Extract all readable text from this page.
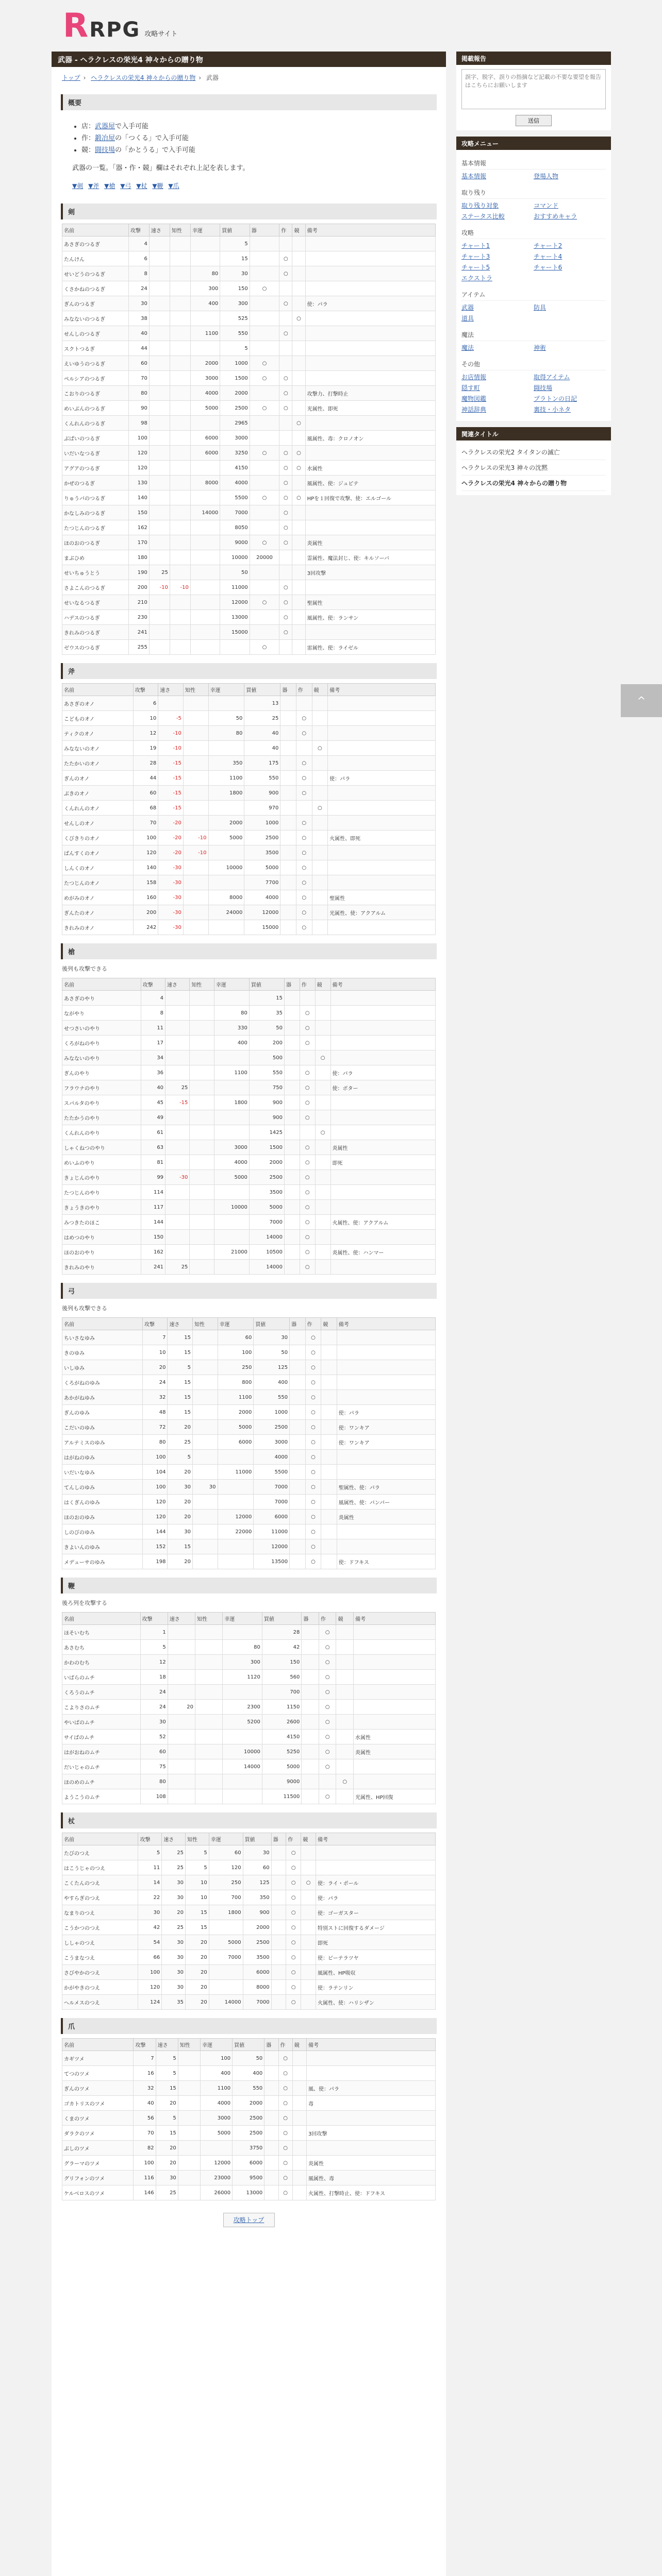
R RPG 攻略サイト
武器 - ヘラクレスの栄光4 神々からの贈り物
トップ › ヘラクレスの栄光4 神々からの贈り物 › 武器
概要
• 店：武器屋で入手可能
• 作：鍛冶屋の「つくる」で入手可能
• 競：闘技場の「かとうる」で入手可能
武器の一覧。「器・作・競」欄はそれぞれ上記を表します。
▼剣 ▼斧 ▼槍 ▼弓 ▼杖 ▼鞭 ▼爪
剣
名前	攻撃	速さ	知性	幸運	買値	器	作	競	備考
あさぎのつるぎ	4				5				
たんけん	6				15		○		
せいどうのつるぎ	8			80	30		○		
くさかねのつるぎ	24			300	150	○			
ぎんのつるぎ	30			400	300		○		使：パラ
みなないのつるぎ	38				525			○	
せんしのつるぎ	40			1100	550		○		
スクトつるぎ	44				5				
えいゆうのつるぎ	60			2000	1000	○			
ペルシアのつるぎ	70			3000	1500	○	○		
こおりのつるぎ	80			4000	2000		○		攻撃力、打撃時止
めいぶんのつるぎ	90			5000	2500	○	○		光属性、即死
くんれんのつるぎ	98				2965			○	
ぶぱいのつるぎ	100			6000	3000				風属性、毒：クロノオン
いだいなつるぎ	120			6000	3250	○	○	○	
アグアのつるぎ	120				4150		○	○	水属性
かぜのつるぎ	130			8000	4000		○		風属性、使：ジュピテ
りゅうパのつるぎ	140				5500	○	○	○	HPを１回復で攻撃、使：エルゴール
かなしみのつるぎ	150			14000	7000		○		
たつじんのつるぎ	162				8050		○		
ほのおのつるぎ	170				9000	○	○		炎属性
まぶひめ	180				10000	20000			霊属性、魔法封じ、使：キルソーバ
せいちゅうとう	190	25			50				3回攻撃
さよこんのつるぎ	200	-10	-10		11000		○		
せいなるつるぎ	210				12000	○	○		聖属性
ハデスのつるぎ	230				13000		○		風属性、使：ランサン
きれみのつるぎ	241				15000		○		
ゼウスのつるぎ	255					○			雷属性、使：ライゼル
斧
名前	攻撃	速さ	知性	幸運	買値	器	作	競	備考
あさぎのオノ	6				13				
こどものオノ	10	-5		50	25		○		
ティクのオノ	12	-10		80	40		○		
みなないのオノ	19	-10			40			○	
たたかいのオノ	28	-15		350	175		○		
ぎんのオノ	44	-15		1100	550		○		使：パラ
ぶきのオノ	60	-15		1800	900		○		
くんれんのオノ	68	-15			970			○	
せんしのオノ	70	-20		2000	1000		○		
くびきりのオノ	100	-20	-10	5000	2500		○		火属性、即死
ばんすくのオノ	120	-20	-10		3500		○		
しんくのオノ	140	-30		10000	5000		○		
たつじんのオノ	158	-30			7700		○		
めがみのオノ	160	-30		8000	4000		○		聖属性
ぎんたのオノ	200	-30		24000	12000		○		光属性、使：アクアルム
きれみのオノ	242	-30			15000		○		
槍
後列も攻撃できる
名前	攻撃	速さ	知性	幸運	買値	器	作	競	備考
あさぎのやり	4				15				
ながやり	8			80	35		○		
せつさいのやり	11			330	50		○		
くろがねのやり	17			400	200		○		
みなないのやり	34				500			○	
ぎんのやり	36			1100	550		○		使：パラ
フラウナのやり	40	25			750		○		使：ボター
スパルタのやり	45	-15		1800	900		○		
たたかうのやり	49				900		○		
くんれんのやり	61				1425			○	
しゃくねつのやり	63			3000	1500		○		炎属性
めいふのやり	81			4000	2000		○		即死
きょじんのやり	99	-30		5000	2500		○		
たつじんのやり	114				3500		○		
きょうきのやり	117			10000	5000		○		
みつきたのほこ	144				7000		○		火属性、使：アクアルム
はめつのやり	150				14000		○		
ほのおのやり	162			21000	10500		○		炎属性、使：ハンマー
きれみのやり	241	25			14000		○		
弓
後列も攻撃できる
名前	攻撃	速さ	知性	幸運	買値	器	作	競	備考
ちいさなゆみ	7	15		60	30		○		
きのゆみ	10	15		100	50		○		
いしゆみ	20	5		250	125		○		
くろがねのゆみ	24	15		800	400		○		
あかがねゆみ	32	15		1100	550		○		
ぎんのゆみ	48	15		2000	1000		○		使：パラ
こだいのゆみ	72	20		5000	2500		○		使：ワンキア
アルテミスのゆみ	80	25		6000	3000		○		使：ワンキア
はがねのゆみ	100	5			4000		○		
いだいなゆみ	104	20		11000	5500		○		
てんしのゆみ	100	30	30		7000		○		聖属性、使：パラ
はくぎんのゆみ	120	20			7000		○		風属性、使：パンパー
ほのおのゆみ	120	20		12000	6000		○		炎属性
しのびのゆみ	144	30		22000	11000		○		
きよいんのゆみ	152	15			12000		○		
メデューサのゆみ	198	20			13500		○		使：ドフキス
鞭
後ろ列を攻撃する
名前	攻撃	速さ	知性	幸運	買値	器	作	競	備考
ほそいむち	1				28		○		
あさむち	5			80	42		○		
かわのむち	12			300	150		○		
いばらのムチ	18			1120	560		○		
くろうのムチ	24				700		○		
こよりさのムチ	24	20		2300	1150		○		
やいばのムチ	30			5200	2600		○		
サイばのムチ	52				4150		○		水属性
はがおねのムチ	60			10000	5250		○		炎属性
だいじゃのムチ	75			14000	5000		○		
ほのめのムチ	80				9000			○	
ようこうのムチ	108				11500		○		光属性、HP回復
杖
名前	攻撃	速さ	知性	幸運	買値	器	作	競	備考
たびのつえ	5	25	5	60	30		○		
はこうじゃのつえ	11	25	5	120	60		○		
こくたんのつえ	14	30	10	250	125		○	○	使：ライ・ポール
やすらぎのつえ	22	30	10	700	350		○		使：パラ
なまりのつえ	30	20	15	1800	900		○		使：ゴーガスター
こうかつのつえ	42	25	15		2000		○		特別ストに回復するダメージ
ししゃのつえ	54	30	20	5000	2500		○		即死
こうまなつえ	66	30	20	7000	3500		○		使：ビーテラツヤ
さびやかのつえ	100	30	20		6000		○		風属性、HP吸収
かがやきのつえ	120	30	20		8000		○		使：ラテンリン
ヘルメスのつえ	124	35	20	14000	7000		○		火属性、使：ハリシザン
爪
名前	攻撃	速さ	知性	幸運	買値	器	作	競	備考
カギツメ	7	5		100	50		○		
てつのツメ	16	5		400	400		○		
ぎんのツメ	32	15		1100	550		○		風、使：パラ
ゴカトリスのツメ	40	20		4000	2000		○		毒
くまのツメ	56	5		3000	2500		○		
ダラクのツメ	70	15		5000	2500		○		3回攻撃
ぶしのツメ	82	20			3750		○		
グラーマのツメ	100	20		12000	6000		○		炎属性
グリフォンのツメ	116	30		23000	9500		○		風属性、毒
ケルベロスのツメ	146	25		26000	13000		○		火属性、打撃時止、使：ドフキス
攻略トップ
掲載報告
誤字、脱字、誤りの指摘など記載の不要な要望を報告はこちらにお願いします
送信
攻略メニュー
基本情報
基本情報	登場人物
取り残り
取り残り対象	コマンド
ステータス比較	おすすめキャラ
攻略
チャート1	チャート2
チャート3	チャート4
チャート5	チャート6
エクストラ
アイテム
武器	防具
道具
魔法
魔法	神術
その他
お店情報	取得アイテム
隠す町	闘技場
魔物図鑑	プラトンの日記
神話辞典	裏技・小ネタ
関連タイトル
ヘラクレスの栄光2 タイタンの滅亡
ヘラクレスの栄光3 神々の沈黙
ヘラクレスの栄光4 神々からの贈り物
^
